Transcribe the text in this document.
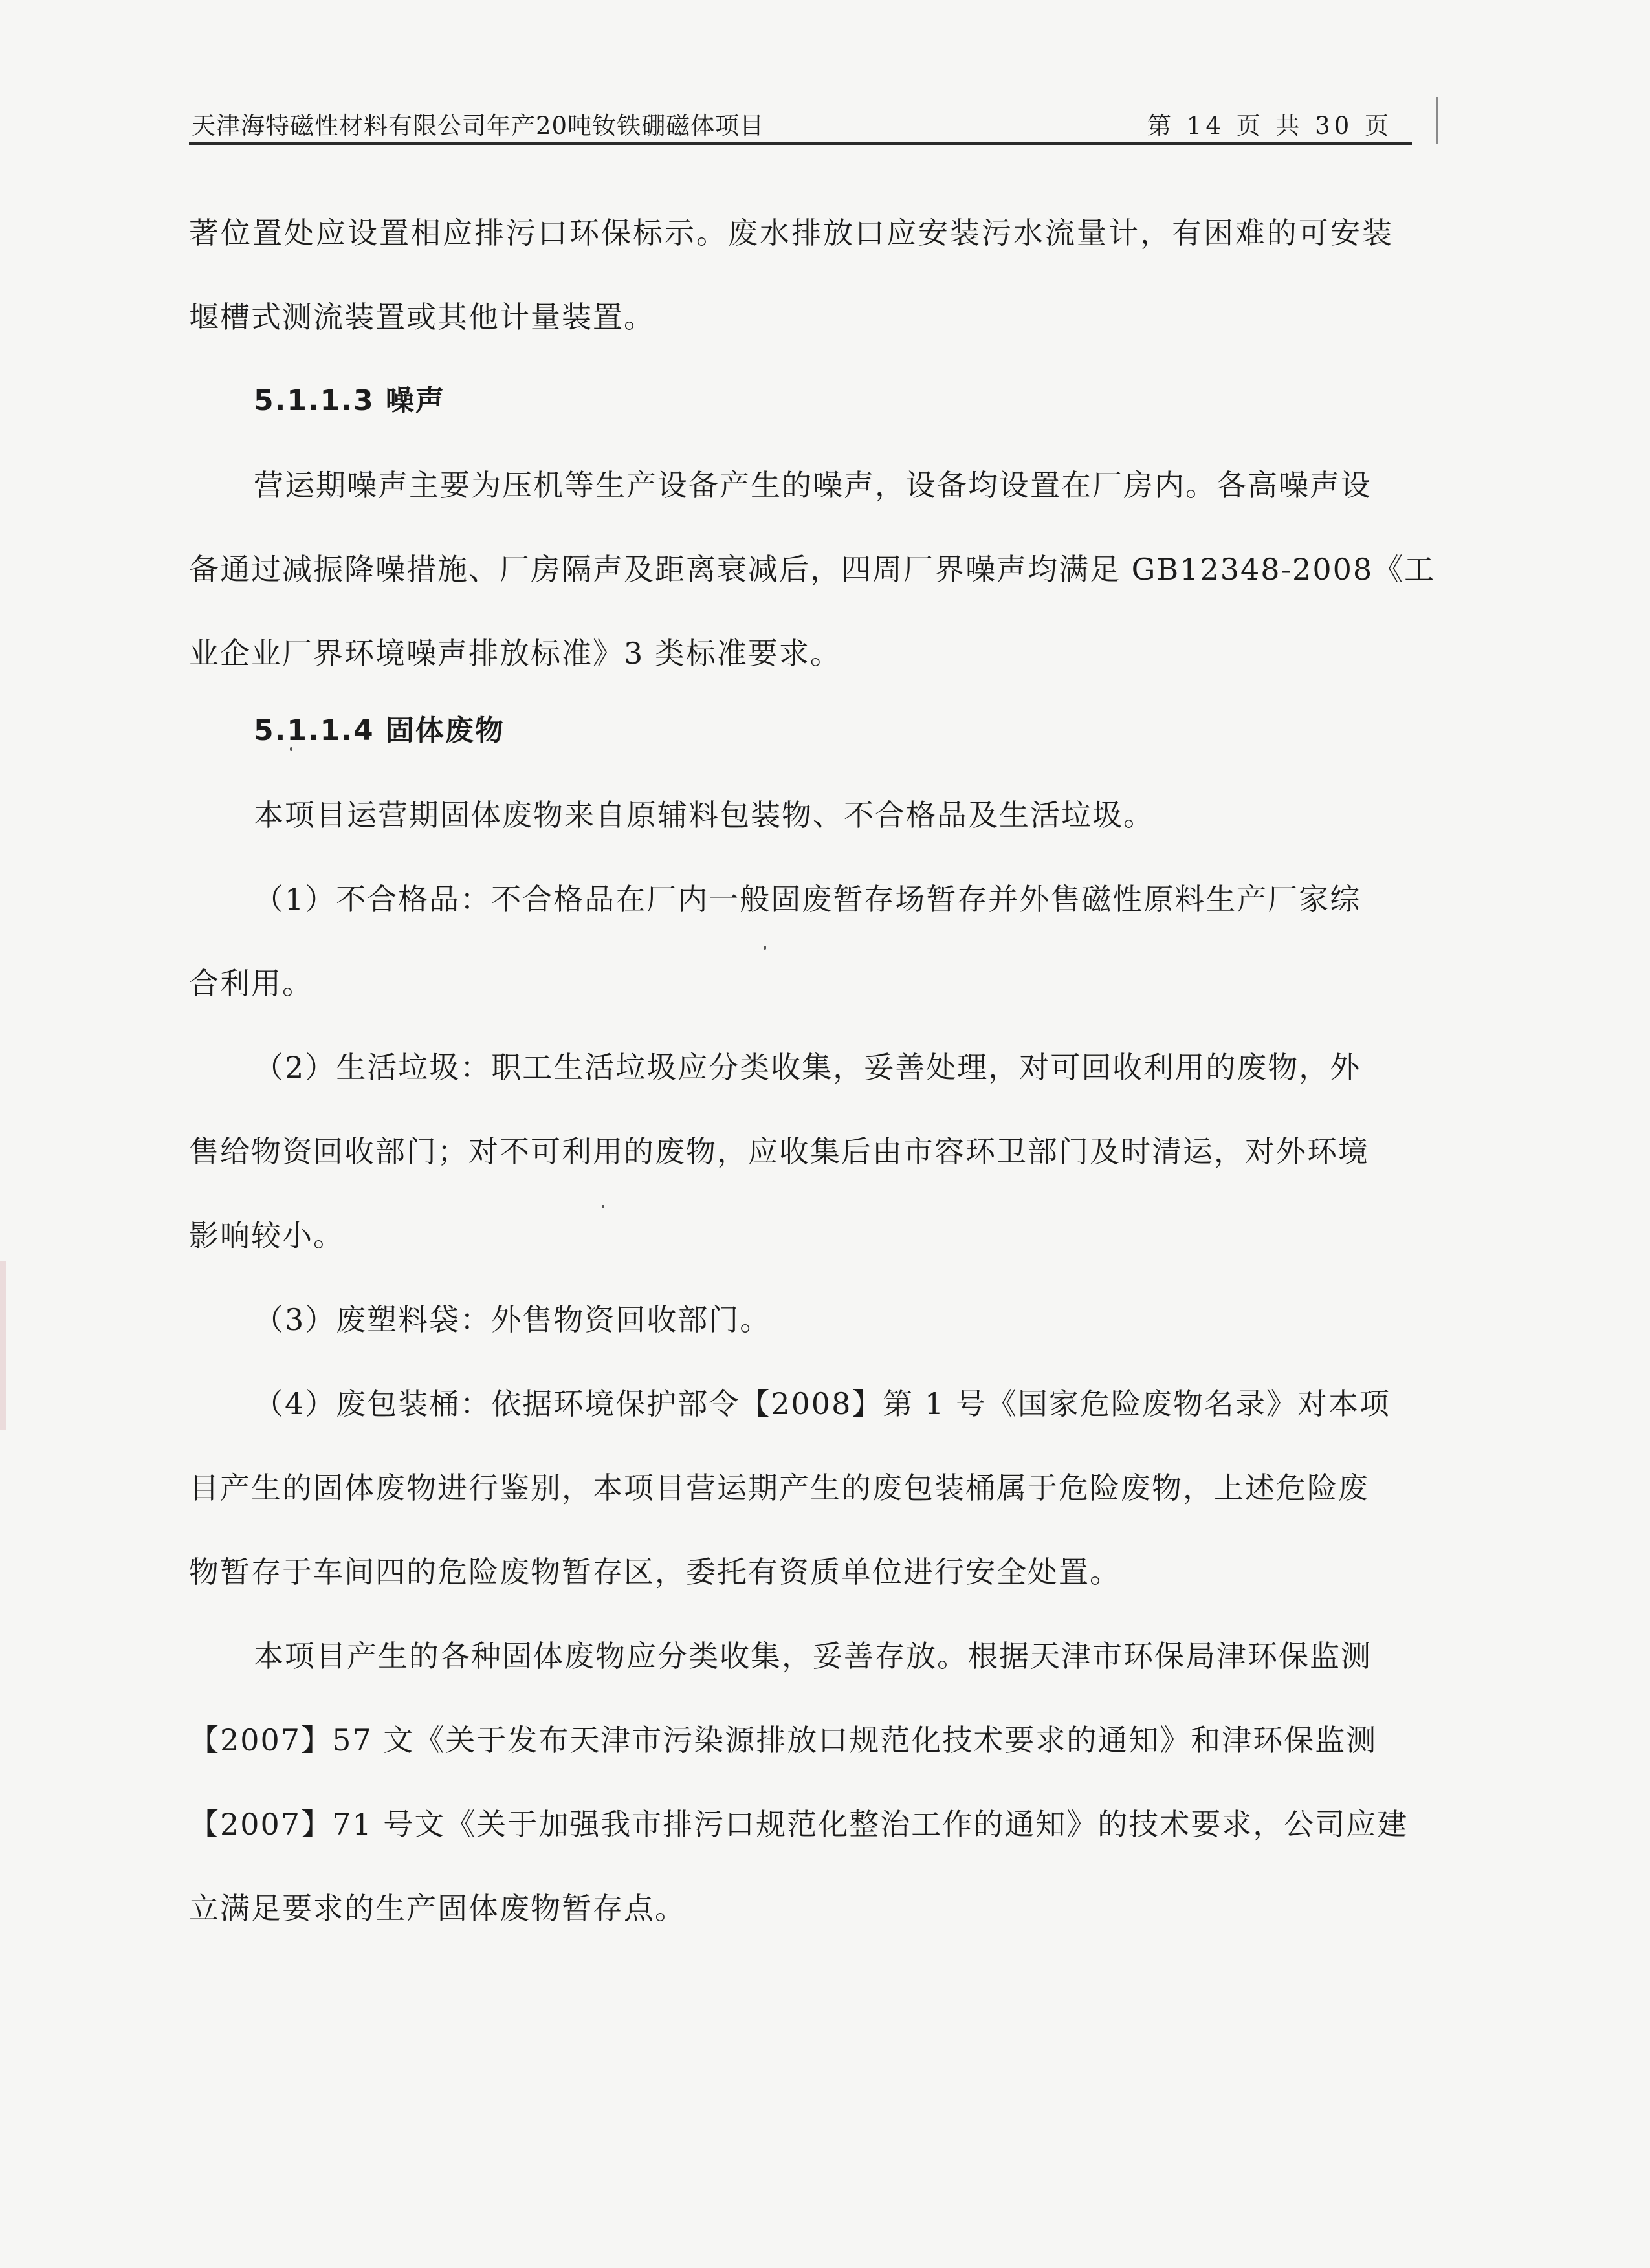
天津海特磁性材料有限公司年产20吨钕铁硼磁体项目	第 14 页 共 30 页
著位置处应设置相应排污口环保标示。废水排放口应安装污水流量计，有困难的可安装
堰槽式测流装置或其他计量装置。
5.1.1.3 噪声
营运期噪声主要为压机等生产设备产生的噪声，设备均设置在厂房内。各高噪声设
备通过减振降噪措施、厂房隔声及距离衰减后，四周厂界噪声均满足 GB12348-2008《工
业企业厂界环境噪声排放标准》3 类标准要求。
5.1.1.4 固体废物
本项目运营期固体废物来自原辅料包装物、不合格品及生活垃圾。
（1）不合格品：不合格品在厂内一般固废暂存场暂存并外售磁性原料生产厂家综
合利用。
（2）生活垃圾：职工生活垃圾应分类收集，妥善处理，对可回收利用的废物，外
售给物资回收部门；对不可利用的废物，应收集后由市容环卫部门及时清运，对外环境
影响较小。
（3）废塑料袋：外售物资回收部门。
（4）废包装桶：依据环境保护部令【2008】第 1 号《国家危险废物名录》对本项
目产生的固体废物进行鉴别，本项目营运期产生的废包装桶属于危险废物，上述危险废
物暂存于车间四的危险废物暂存区，委托有资质单位进行安全处置。
本项目产生的各种固体废物应分类收集，妥善存放。根据天津市环保局津环保监测
【2007】57 文《关于发布天津市污染源排放口规范化技术要求的通知》和津环保监测
【2007】71 号文《关于加强我市排污口规范化整治工作的通知》的技术要求，公司应建
立满足要求的生产固体废物暂存点。
